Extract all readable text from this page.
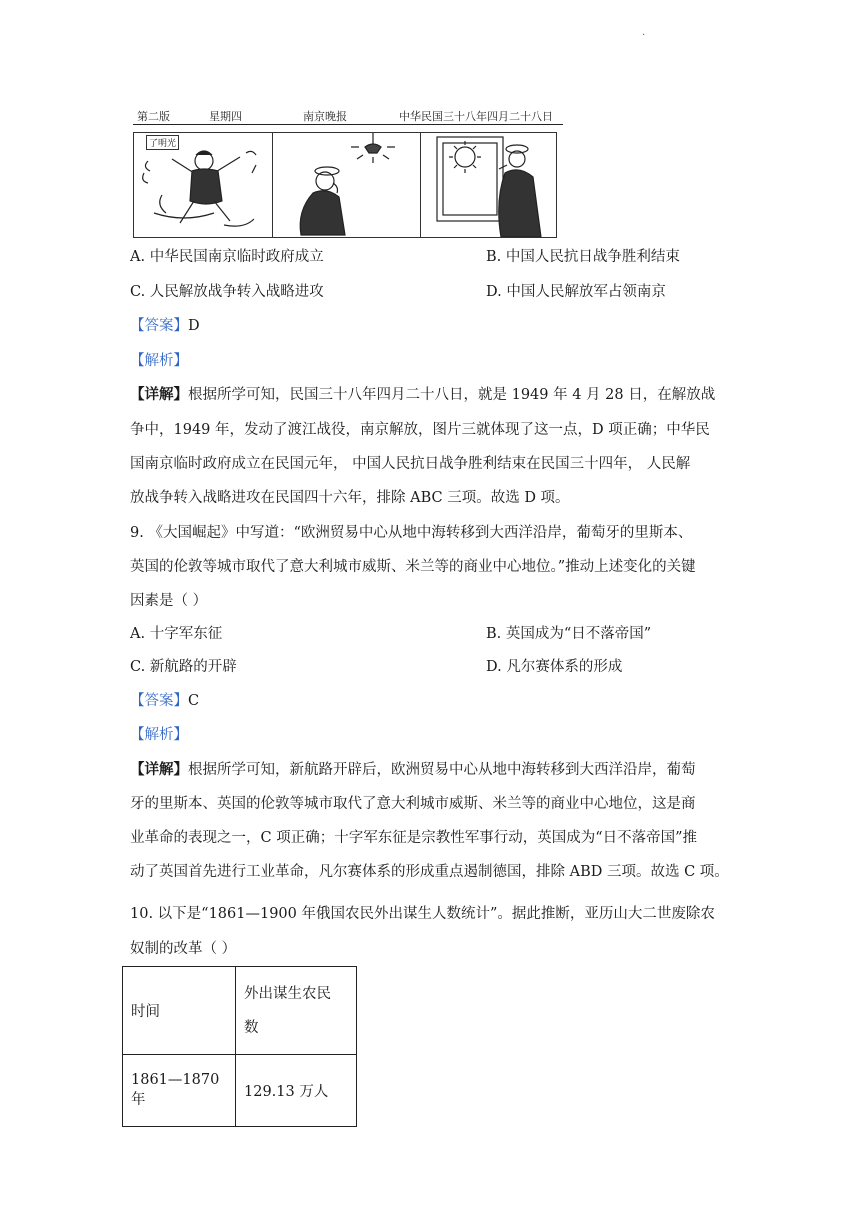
·
第二版	星期四	南京晚报	中华民国三十八年四月二十八日
了明光
A. 中华民国南京临时政府成立	B. 中国人民抗日战争胜利结束
C. 人民解放战争转入战略进攻	D. 中国人民解放军占领南京
【答案】D
【解析】
【详解】根据所学可知，民国三十八年四月二十八日，就是 1949 年 4 月 28 日，在解放战
争中，1949 年，发动了渡江战役，南京解放，图片三就体现了这一点，D 项正确；中华民
国南京临时政府成立在民国元年， 中国人民抗日战争胜利结束在民国三十四年， 人民解
放战争转入战略进攻在民国四十六年，排除 ABC 三项。故选 D 项。
9. 《大国崛起》中写道：“欧洲贸易中心从地中海转移到大西洋沿岸，葡萄牙的里斯本、
英国的伦敦等城市取代了意大利城市威斯、米兰等的商业中心地位。”推动上述变化的关键
因素是（ ）
A. 十字军东征	B. 英国成为“日不落帝国”
C. 新航路的开辟	D. 凡尔赛体系的形成
【答案】C
【解析】
【详解】根据所学可知，新航路开辟后，欧洲贸易中心从地中海转移到大西洋沿岸，葡萄
牙的里斯本、英国的伦敦等城市取代了意大利城市威斯、米兰等的商业中心地位，这是商
业革命的表现之一，C 项正确；十字军东征是宗教性军事行动，英国成为“日不落帝国”推
动了英国首先进行工业革命，凡尔赛体系的形成重点遏制德国，排除 ABD 三项。故选 C 项。
10. 以下是“1861—1900 年俄国农民外出谋生人数统计”。据此推断，亚历山大二世废除农
奴制的改革（ ）
时间	外出谋生农民
数

1861—1870 年	129.13 万人
